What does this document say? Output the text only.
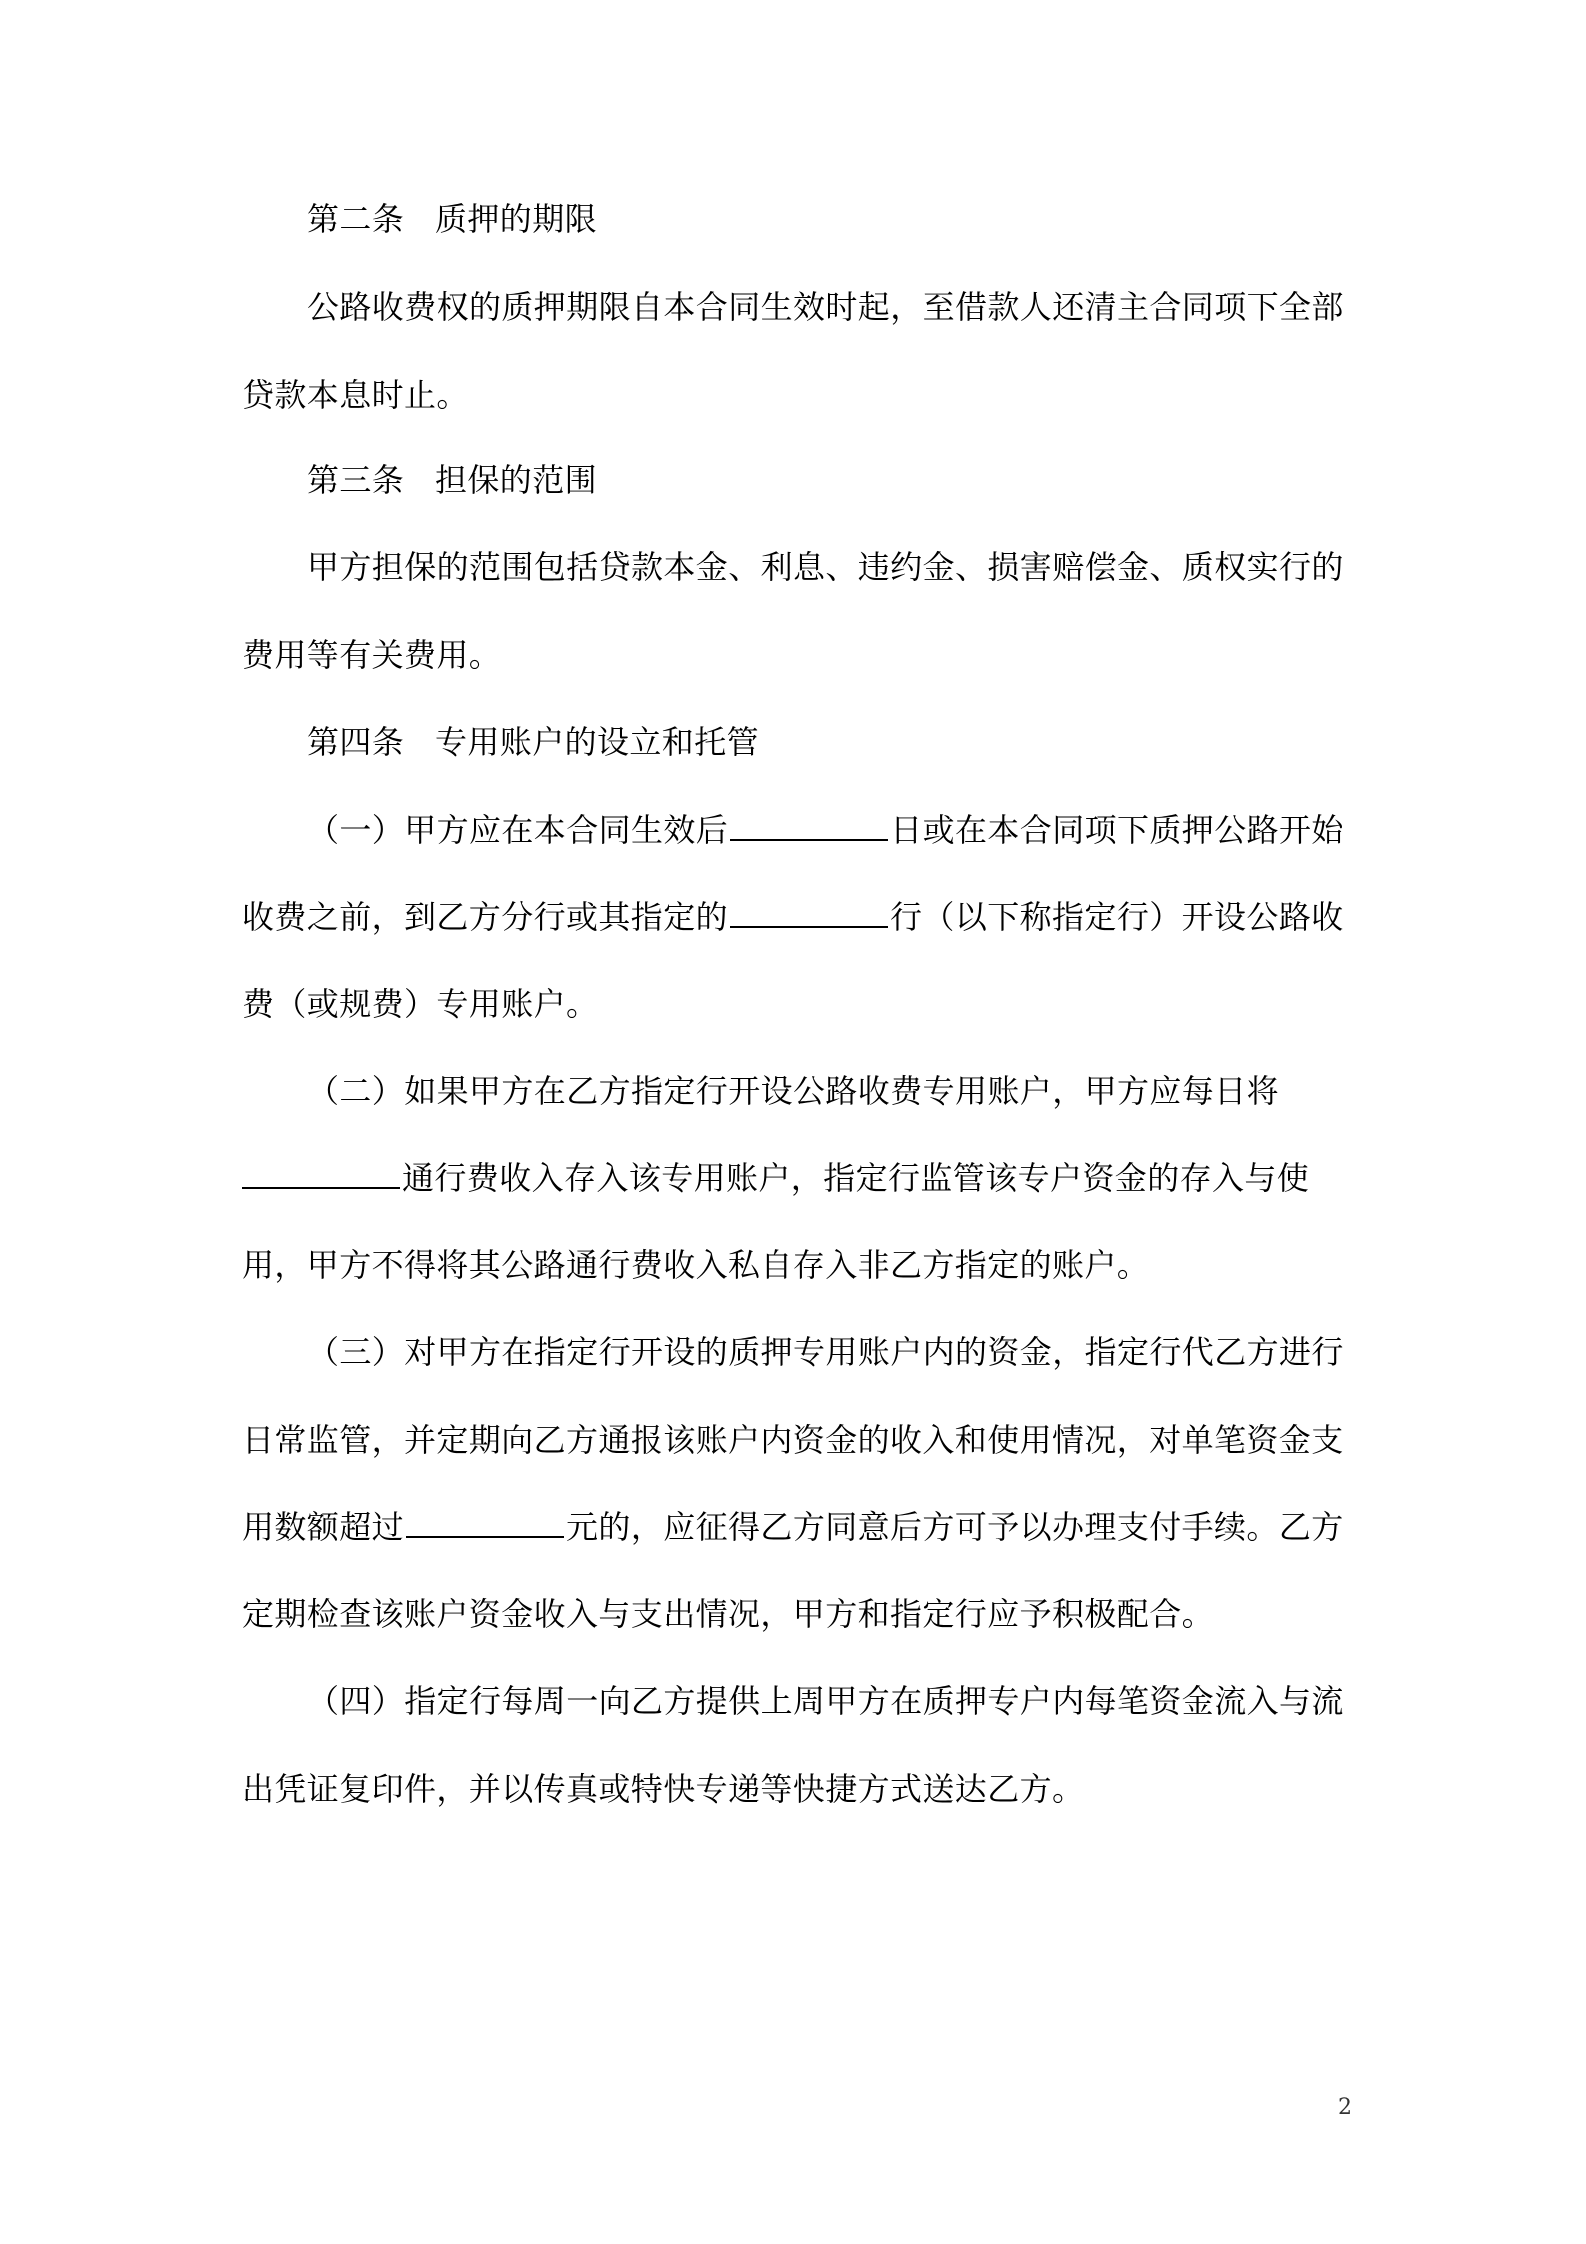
第二条 质押的期限
公路收费权的质押期限自本合同生效时起，至借款人还清主合同项下全部
贷款本息时止。
第三条 担保的范围
甲方担保的范围包括贷款本金、利息、违约金、损害赔偿金、质权实行的
费用等有关费用。
第四条 专用账户的设立和托管
（一）甲方应在本合同生效后	日或在本合同项下质押公路开始
收费之前，到乙方分行或其指定的	行（以下称指定行）开设公路收
费（或规费）专用账户。
（二）如果甲方在乙方指定行开设公路收费专用账户，甲方应每日将
通行费收入存入该专用账户，指定行监管该专户资金的存入与使
用，甲方不得将其公路通行费收入私自存入非乙方指定的账户。
（三）对甲方在指定行开设的质押专用账户内的资金，指定行代乙方进行
日常监管，并定期向乙方通报该账户内资金的收入和使用情况，对单笔资金支
用数额超过	元的，应征得乙方同意后方可予以办理支付手续。乙方
定期检查该账户资金收入与支出情况，甲方和指定行应予积极配合。
（四）指定行每周一向乙方提供上周甲方在质押专户内每笔资金流入与流
出凭证复印件，并以传真或特快专递等快捷方式送达乙方。
2
